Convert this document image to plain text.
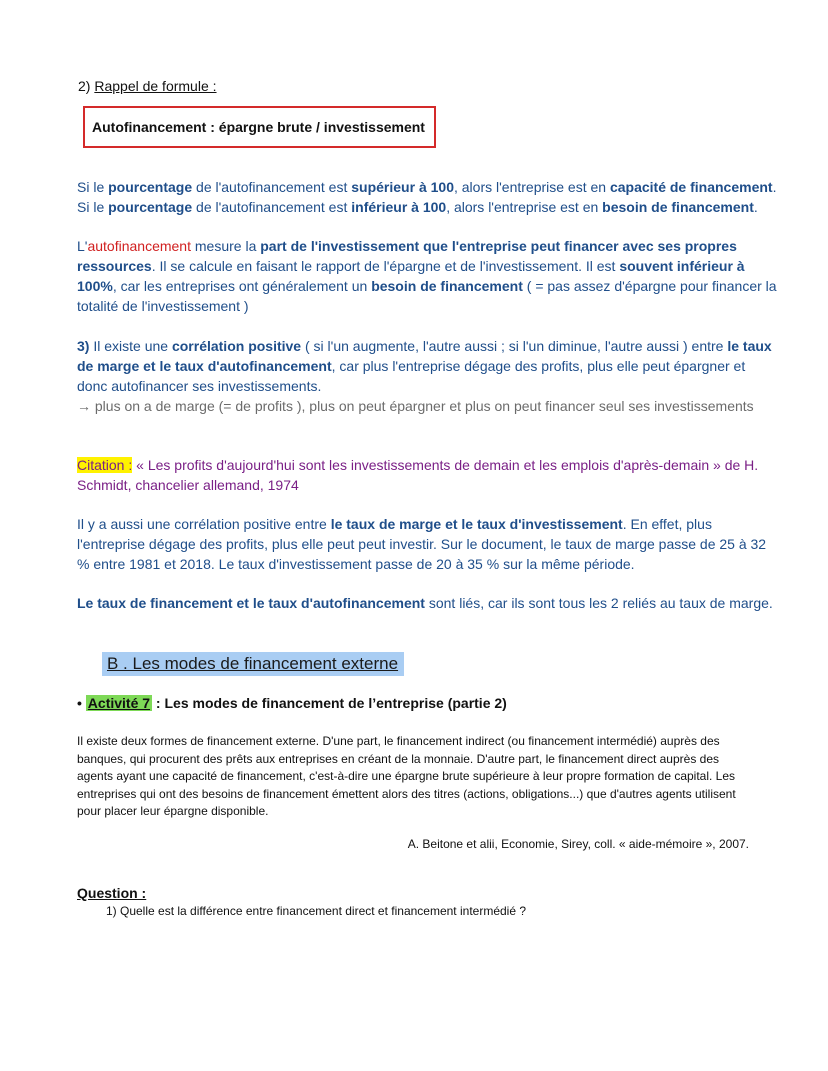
2) Rappel de formule :
Autofinancement : épargne brute / investissement
Si le pourcentage de l'autofinancement est supérieur à 100, alors l'entreprise est en capacité de financement.
Si le pourcentage de l'autofinancement est inférieur à 100, alors l'entreprise est en besoin de financement.
L'autofinancement mesure la part de l'investissement que l'entreprise peut financer avec ses propres ressources. Il se calcule en faisant le rapport de l'épargne et de l'investissement. Il est souvent inférieur à 100%, car les entreprises ont généralement un besoin de financement ( = pas assez d'épargne pour financer la totalité de l'investissement )
3) Il existe une corrélation positive ( si l'un augmente, l'autre aussi ; si l'un diminue, l'autre aussi ) entre le taux de marge et le taux d'autofinancement, car plus l'entreprise dégage des profits, plus elle peut épargner et donc autofinancer ses investissements.
→ plus on a de marge (= de profits ), plus on peut épargner et plus on peut financer seul ses investissements
Citation : « Les profits d'aujourd'hui sont les investissements de demain et les emplois d'après-demain » de H. Schmidt, chancelier allemand, 1974
Il y a aussi une corrélation positive entre le taux de marge et le taux d'investissement. En effet, plus l'entreprise dégage des profits, plus elle peut peut investir. Sur le document, le taux de marge passe de 25 à 32 % entre 1981 et 2018. Le taux d'investissement passe de 20 à 35 % sur la même période.
Le taux de financement et le taux d'autofinancement sont liés, car ils sont tous les 2 reliés au taux de marge.
B . Les modes de financement externe
• Activité 7 : Les modes de financement de l’entreprise (partie 2)
Il existe deux formes de financement externe. D'une part, le financement indirect (ou financement intermédié) auprès des banques, qui procurent des prêts aux entreprises en créant de la monnaie. D'autre part, le financement direct auprès des agents ayant une capacité de financement, c'est-à-dire une épargne brute supérieure à leur propre formation de capital. Les entreprises qui ont des besoins de financement émettent alors des titres (actions, obligations...) que d'autres agents utilisent pour placer leur épargne disponible.
A. Beitone et alii, Economie, Sirey, coll. « aide-mémoire », 2007.
Question :
1) Quelle est la différence entre financement direct et financement intermédié ?
